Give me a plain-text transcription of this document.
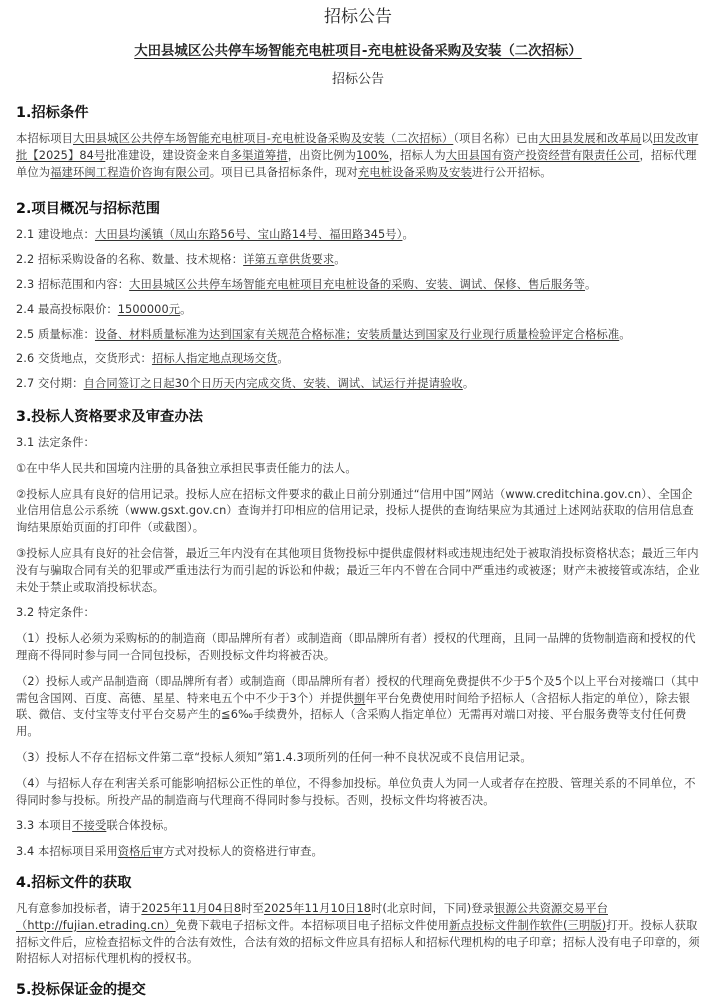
招标公告
大田县城区公共停车场智能充电桩项目-充电桩设备采购及安装（二次招标）
招标公告
1.招标条件

本招标项目大田县城区公共停车场智能充电桩项目-充电桩设备采购及安装（二次招标）（项目名称）已由大田县发展和改革局以田发改审批【2025】84号批准建设，建设资金来自多渠道筹措，出资比例为100%，招标人为大田县国有资产投资经营有限责任公司，招标代理单位为福建环闽工程造价咨询有限公司。项目已具备招标条件，现对充电桩设备采购及安装进行公开招标。

2.项目概况与招标范围

2.1 建设地点：大田县均溪镇（凤山东路56号、宝山路14号、福田路345号）。

2.2 招标采购设备的名称、数量、技术规格：详第五章供货要求。

2.3 招标范围和内容：大田县城区公共停车场智能充电桩项目充电桩设备的采购、安装、调试、保修、售后服务等。

2.4 最高投标限价：1500000元。

2.5 质量标准：设备、材料质量标准为达到国家有关规范合格标准；安装质量达到国家及行业现行质量检验评定合格标准。

2.6 交货地点，交货形式：招标人指定地点现场交货。

2.7 交付期：自合同签订之日起30个日历天内完成交货、安装、调试、试运行并提请验收。

3.投标人资格要求及审查办法

3.1 法定条件：

①在中华人民共和国境内注册的具备独立承担民事责任能力的法人。

②投标人应具有良好的信用记录。投标人应在招标文件要求的截止日前分别通过“信用中国”网站（www.creditchina.gov.cn）、全国企业信用信息公示系统（www.gsxt.gov.cn）查询并打印相应的信用记录，投标人提供的查询结果应为其通过上述网站获取的信用信息查询结果原始页面的打印件（或截图）。

③投标人应具有良好的社会信誉，最近三年内没有在其他项目货物投标中提供虚假材料或违规违纪处于被取消投标资格状态；最近三年内没有与骗取合同有关的犯罪或严重违法行为而引起的诉讼和仲裁；最近三年内不曾在合同中严重违约或被逐；财产未被接管或冻结，企业未处于禁止或取消投标状态。

3.2 特定条件：

（1）投标人必须为采购标的的制造商（即品牌所有者）或制造商（即品牌所有者）授权的代理商，且同一品牌的货物制造商和授权的代理商不得同时参与同一合同包投标，否则投标文件均将被否决。

（2）投标人或产品制造商（即品牌所有者）或制造商（即品牌所有者）授权的代理商免费提供不少于5个及5个以上平台对接端口（其中需包含国网、百度、高德、星星、特来电五个中不少于3个）并提供捌年平台免费使用时间给予招标人（含招标人指定的单位），除去银联、微信、支付宝等支付平台交易产生的≦6‰手续费外，招标人（含采购人指定单位）无需再对端口对接、平台服务费等支付任何费用。

（3）投标人不存在招标文件第二章“投标人须知”第1.4.3项所列的任何一种不良状况或不良信用记录。

（4）与招标人存在利害关系可能影响招标公正性的单位，不得参加投标。单位负责人为同一人或者存在控股、管理关系的不同单位，不得同时参与投标。所投产品的制造商与代理商不得同时参与投标。否则，投标文件均将被否决。

3.3 本项目不接受联合体投标。

3.4 本招标项目采用资格后审方式对投标人的资格进行审查。

4.招标文件的获取

凡有意参加投标者，请于2025年11月04日8时至2025年11月10日18时(北京时间，下同)登录银源公共资源交易平台（http://fujian.etrading.cn）免费下载电子招标文件。本招标项目电子招标文件使用新点投标文件制作软件(三明版)打开。投标人获取招标文件后，应检查招标文件的合法有效性，合法有效的招标文件应具有招标人和招标代理机构的电子印章；招标人没有电子印章的，须附招标人对招标代理机构的授权书。

5.投标保证金的提交
